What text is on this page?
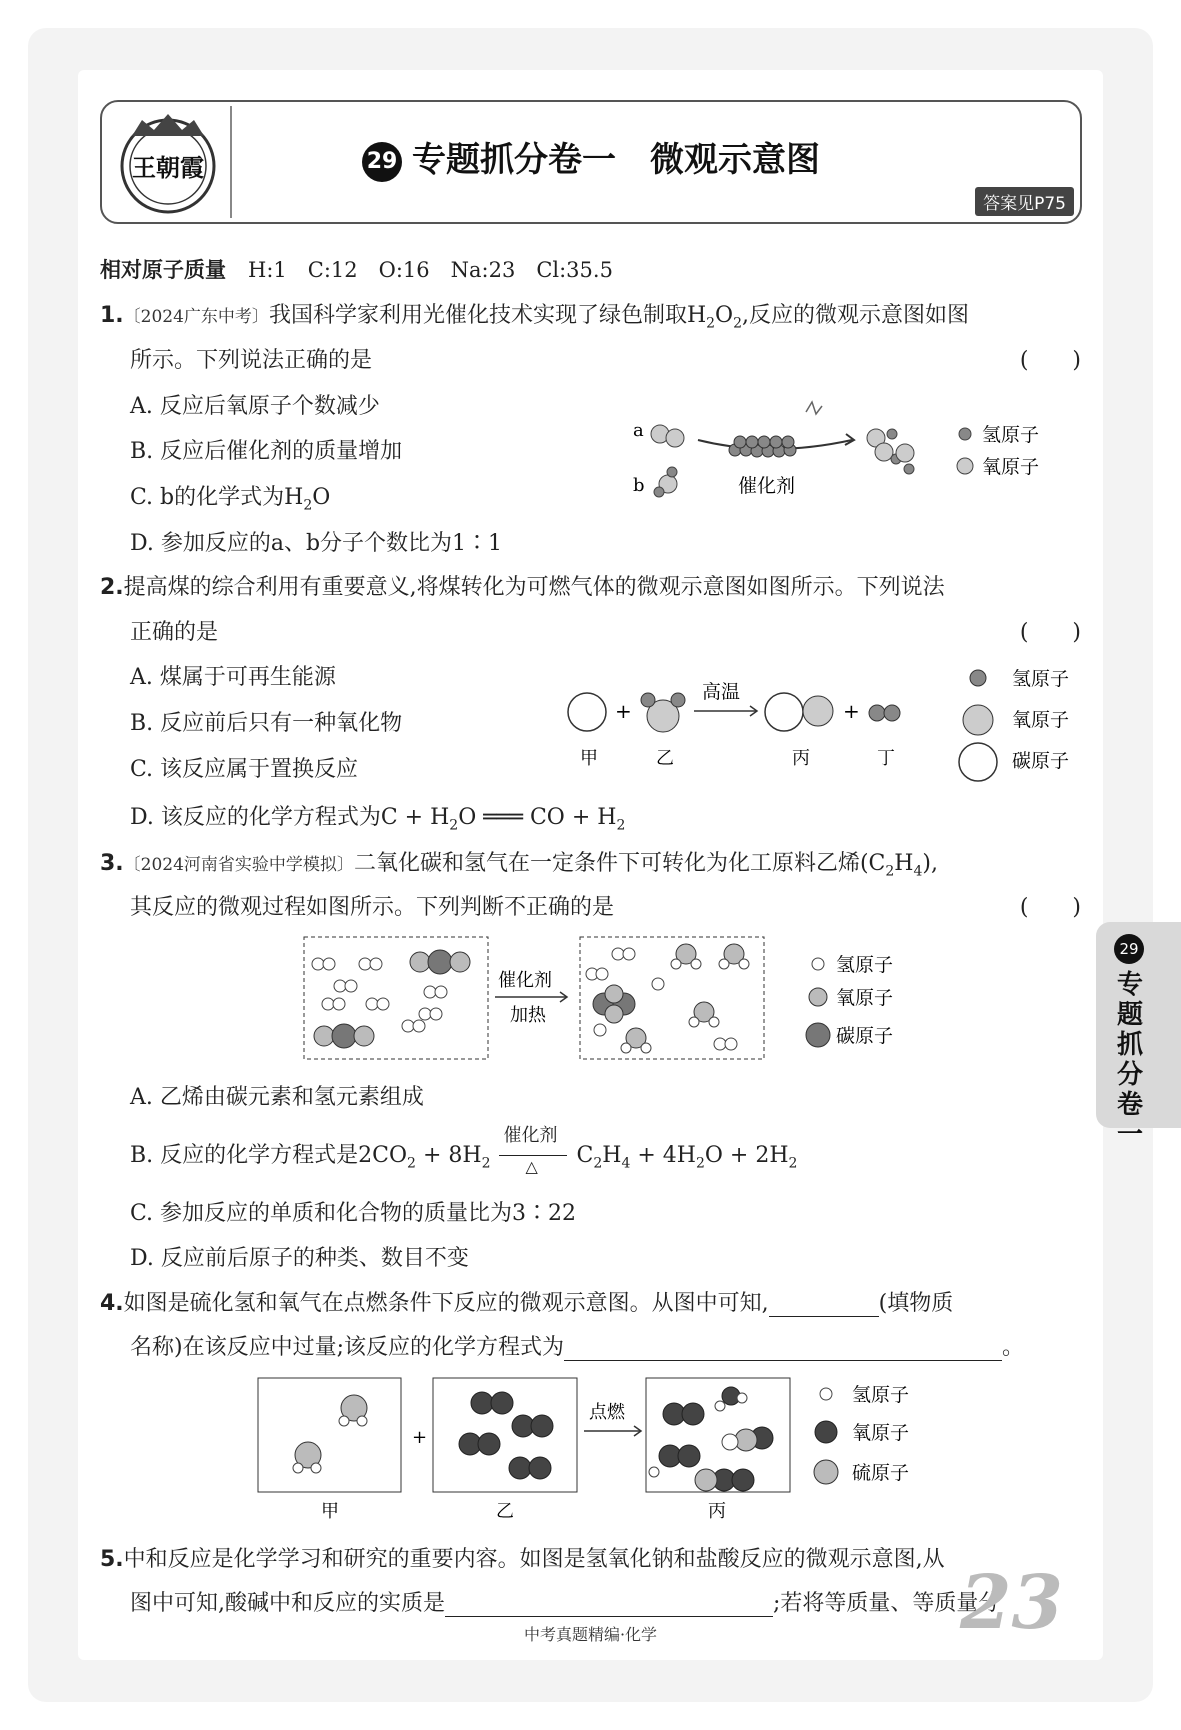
王朝霞	29 专题抓分卷一　微观示意图
答案见P75
相对原子质量 H:1　C:12　O:16　Na:23　Cl:35.5
1.〔2024广东中考〕我国科学家利用光催化技术实现了绿色制取$H_2O_2$,反应的微观示意图如图
所示。下列说法正确的是	(　　)
A. 反应后氧原子个数减少
B. 反应后催化剂的质量增加
C. b的化学式为$H_2O$
D. 参加反应的a、b分子个数比为1∶1
a
b	催化剂
氢原子
氧原子
2.提高煤的综合利用有重要意义,将煤转化为可燃气体的微观示意图如图所示。下列说法
正确的是	(　　)
A. 煤属于可再生能源
B. 反应前后只有一种氧化物
C. 该反应属于置换反应
D. 该反应的化学方程式为$C + H_2O$ ═══ CO + $H_2$
+
高温
+
甲	乙	丙	丁
氢原子
氧原子
碳原子
3.〔2024河南省实验中学模拟〕二氧化碳和氢气在一定条件下可转化为化工原料乙烯$(C_2H_4)$,
其反应的微观过程如图所示。下列判断不正确的是	(　　)
催化剂
加热
氢原子
氧原子
碳原子
A. 乙烯由碳元素和氢元素组成
B. 反应的化学方程式是$2CO_2 + 8H_2$
催化剂
△ $C_2H_4 + 4H_2O + 2H_2$
C. 参加反应的单质和化合物的质量比为3∶22
D. 反应前后原子的种类、数目不变
4.如图是硫化氢和氧气在点燃条件下反应的微观示意图。从图中可知,	(填物质
名称)在该反应中过量;该反应的化学方程式为	。
+
点燃
氢原子
氧原子
硫原子
甲	乙	丙
5.中和反应是化学学习和研究的重要内容。如图是氢氧化钠和盐酸反应的微观示意图,从
图中可知,酸碱中和反应的实质是	;若将等质量、等质量分
29
专题抓分卷一
23
中考真题精编·化学
